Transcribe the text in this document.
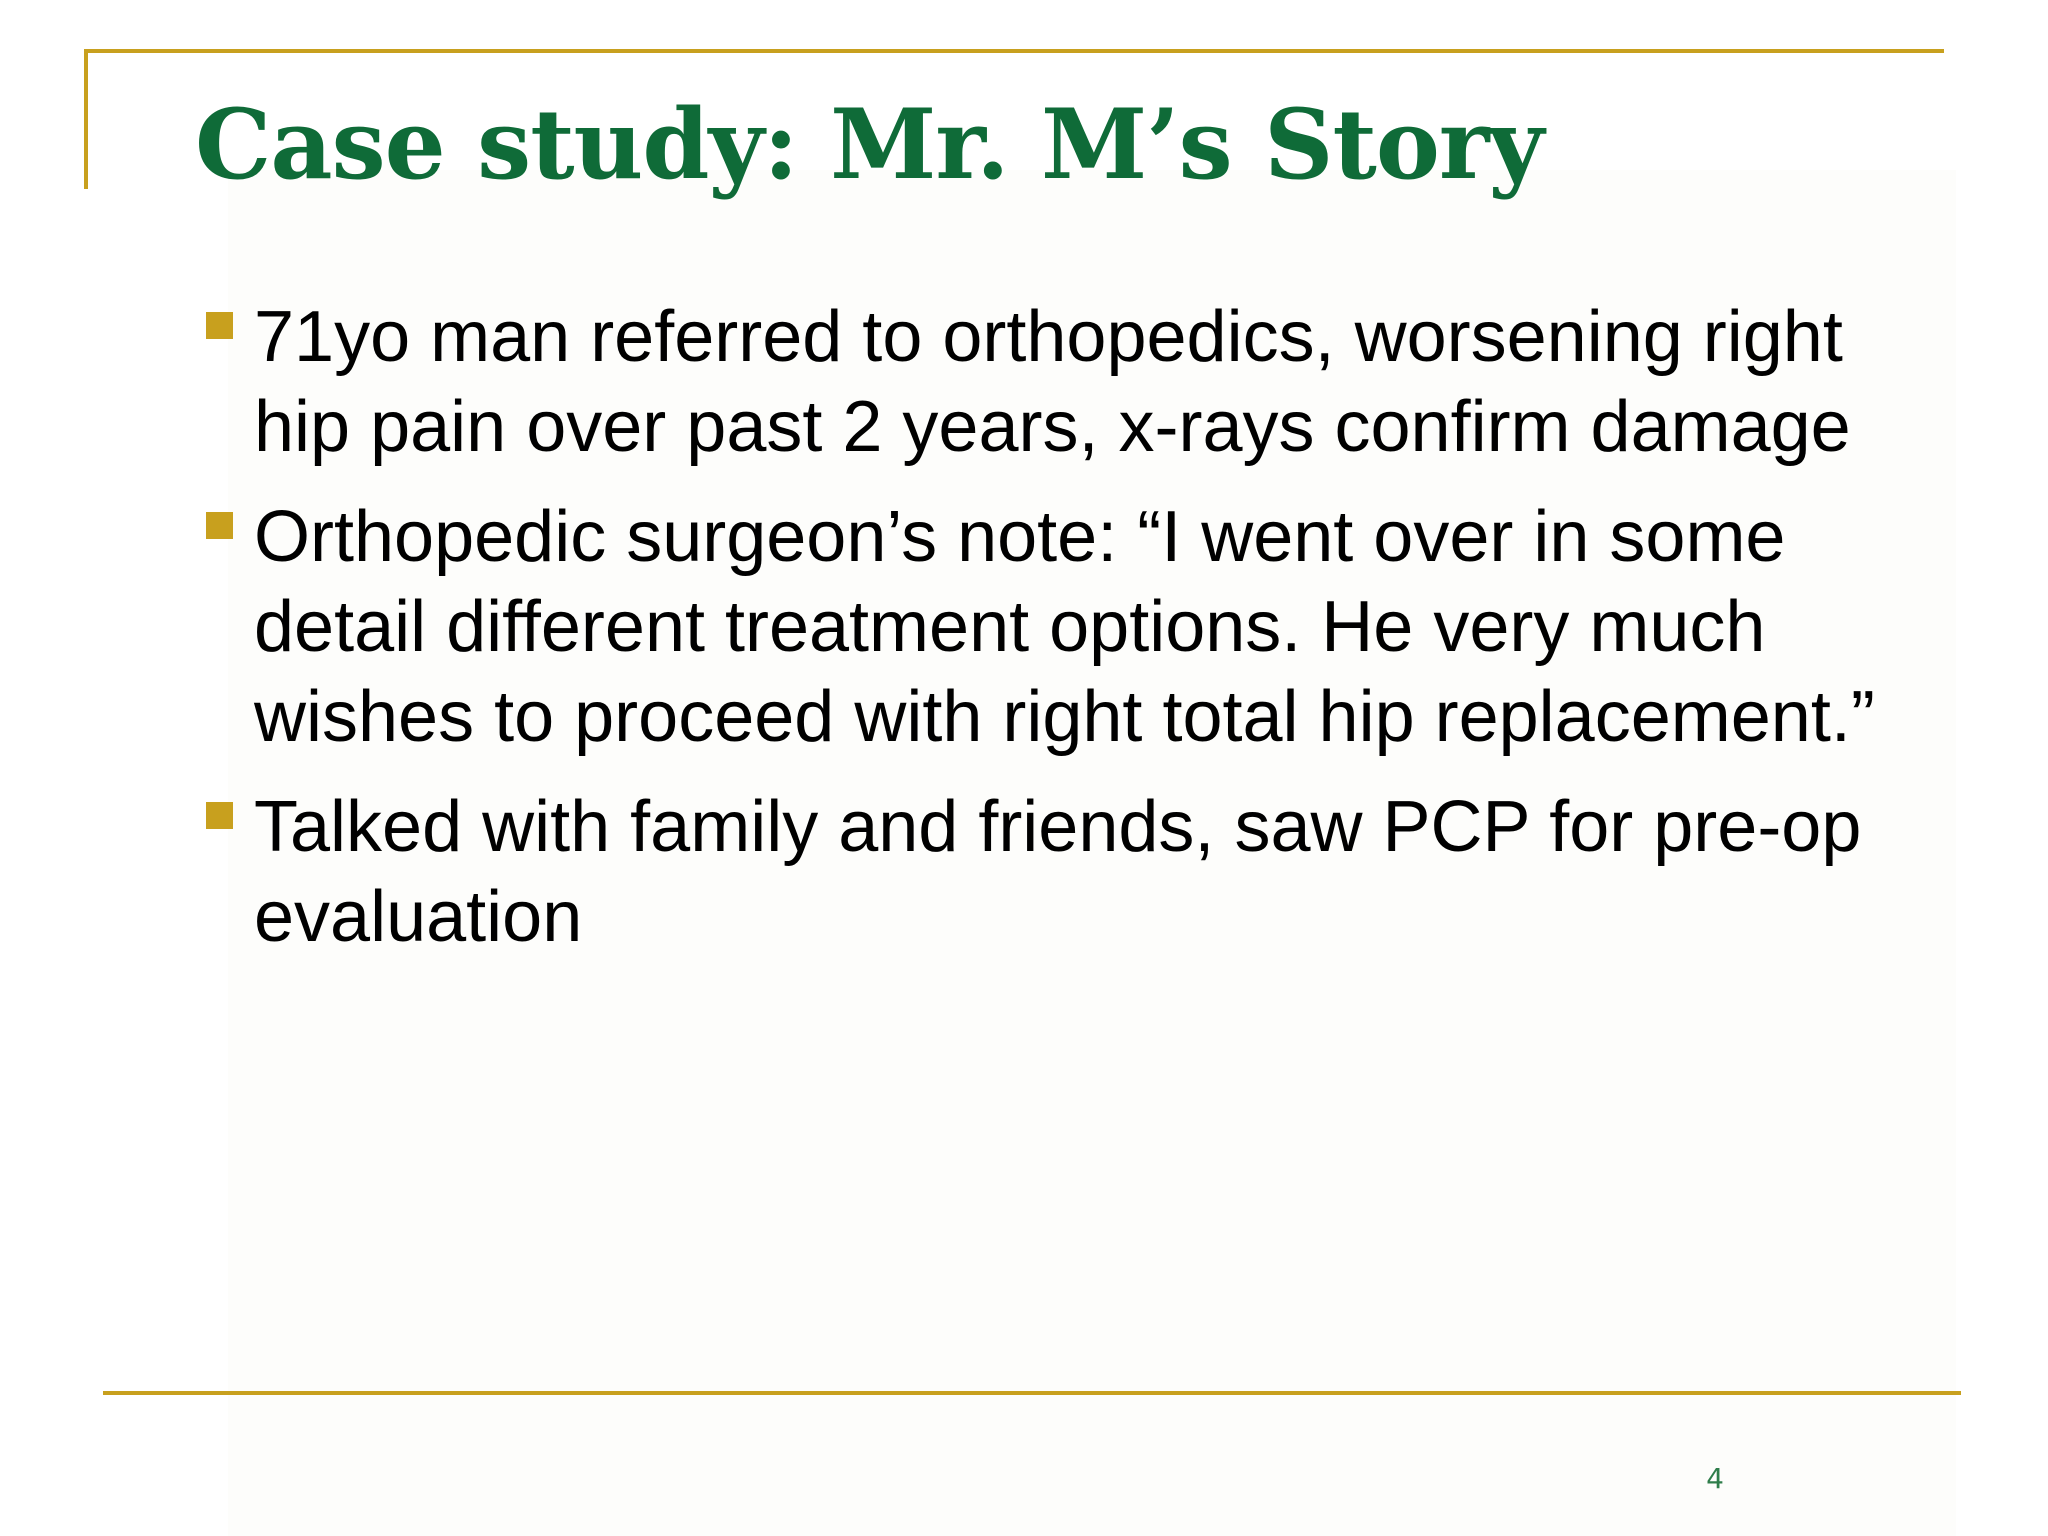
Case study: Mr. M’s Story
71yo man referred to orthopedics, worsening right hip pain over past 2 years, x-rays confirm damage
Orthopedic surgeon’s note: “I went over in some detail different treatment options. He very much wishes to proceed with right total hip replacement.”
Talked with family and friends, saw PCP for pre-op evaluation
4
